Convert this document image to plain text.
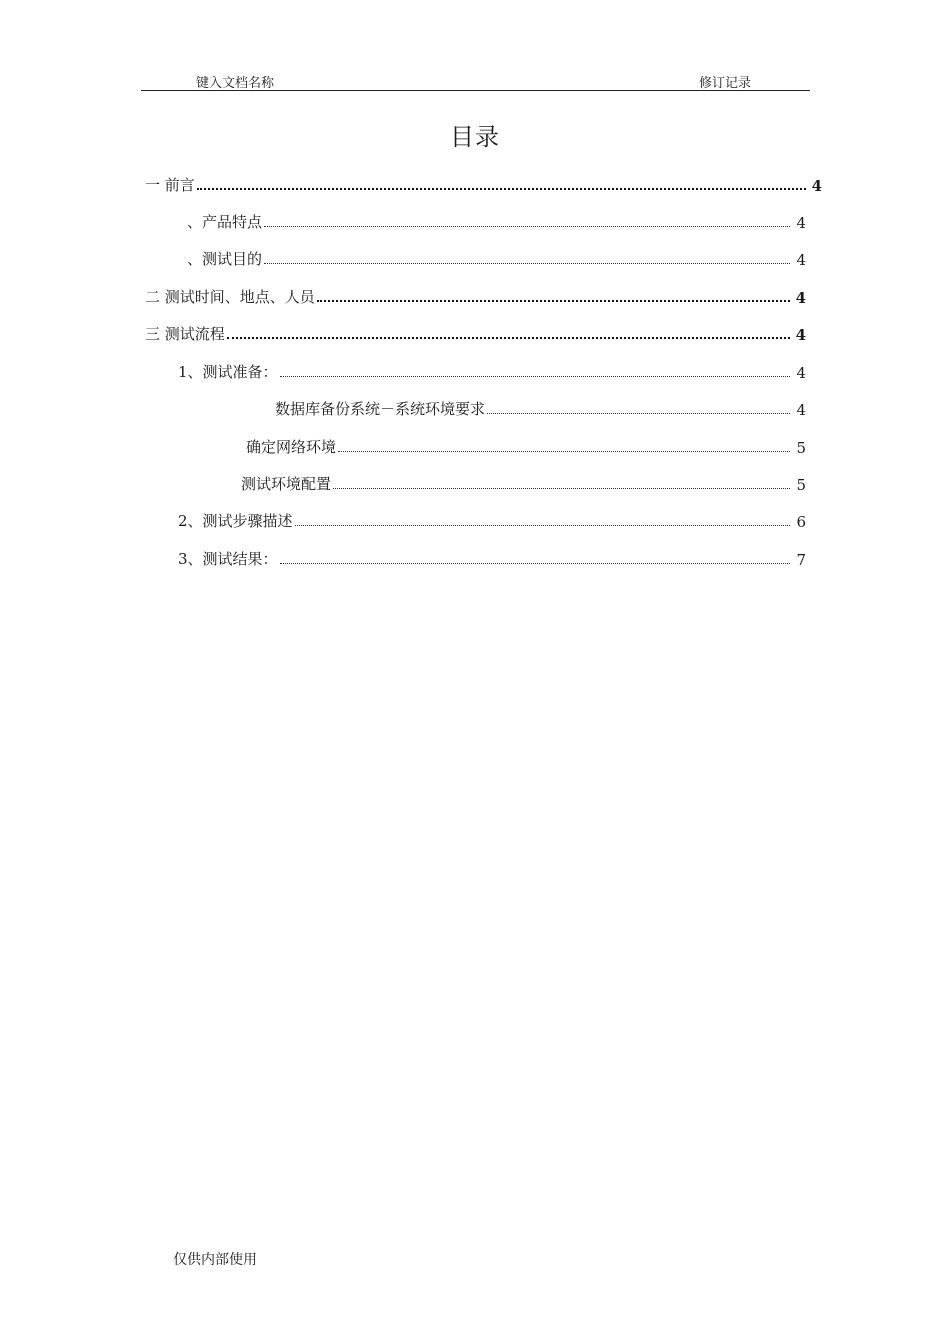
键入文档名称	修订记录
目录
一 前言	4
、产品特点	4
、测试目的	4
二 测试时间、地点、人员	4
三 测试流程	4
1、测试准备：	4
数据库备份系统－系统环境要求	4
确定网络环境	5
测试环境配置	5
2、测试步骤描述	6
3、测试结果：	7
仅供内部使用
